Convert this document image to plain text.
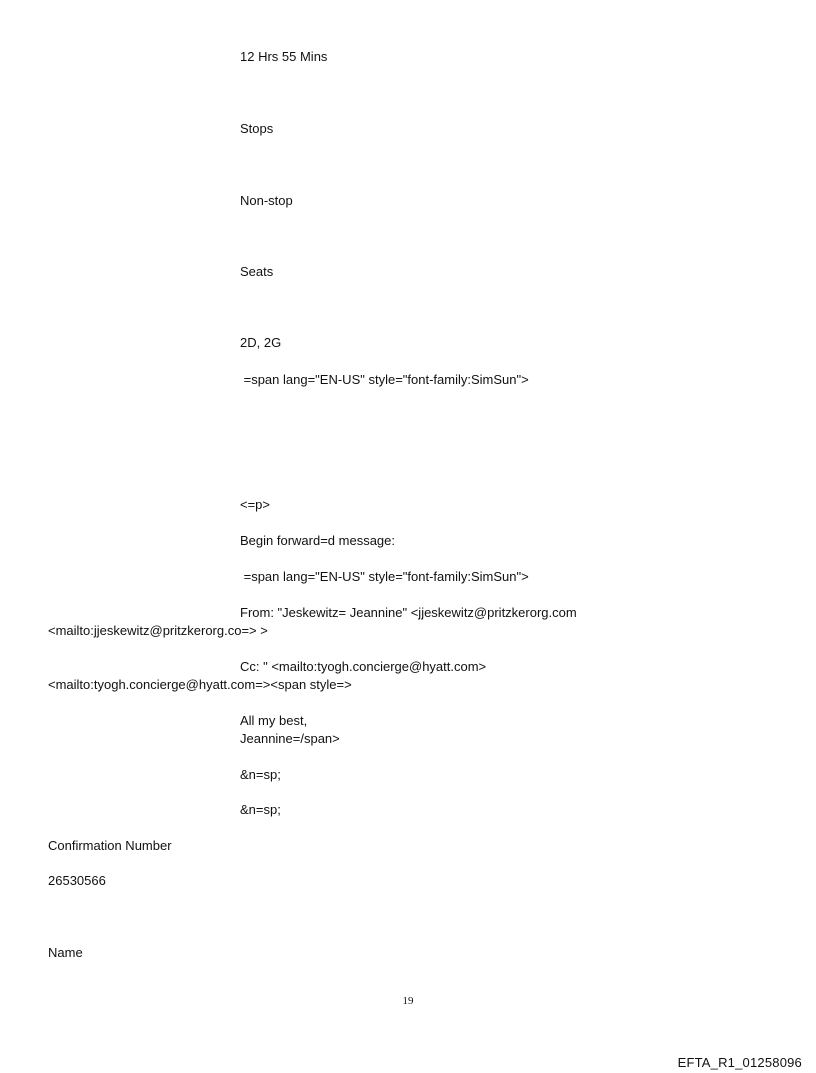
12 Hrs 55 Mins

Stops

Non-stop

Seats

2D, 2G

=span lang="EN-US" style="font-family:SimSun">

<=p>

Begin forward=d message:

=span lang="EN-US" style="font-family:SimSun">

From: "Jeskewitz= Jeannine" <jjeskewitz@pritzkerorg.com

<mailto:jjeskewitz@pritzkerorg.co=> >

Cc: " <mailto:tyogh.concierge@hyatt.com>

<mailto:tyogh.concierge@hyatt.com=><span style=>

All my best,

Jeannine=/span>

&n=sp;

&n=sp;

Confirmation Number

26530566

Name

19
EFTA_R1_01258096
